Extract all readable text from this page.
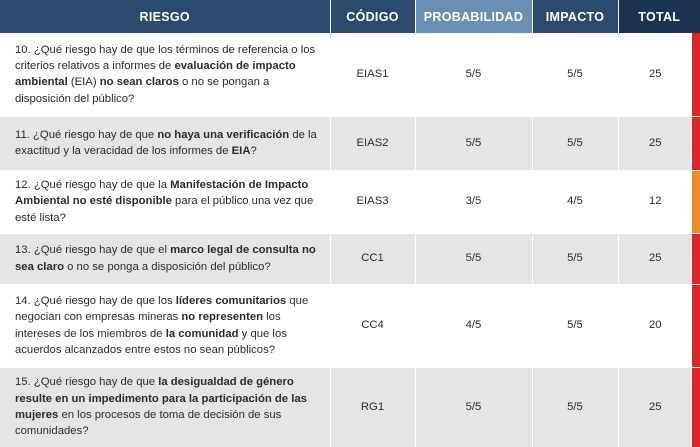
RIESGO	CÓDIGO	PROBABILIDAD	IMPACTO	TOTAL
10. ¿Qué riesgo hay de que los términos de referencia o los criterios relativos a informes de evaluación de impacto ambiental (EIA) no sean claros o no se pongan a disposición del público?	EIAS1	5/5	5/5	25

11. ¿Qué riesgo hay de que no haya una verificación de la exactitud y la veracidad de los informes de EIA?	EIAS2	5/5	5/5	25

12. ¿Qué riesgo hay de que la Manifestación de Impacto Ambiental no esté disponible para el público una vez que esté lista?	EIAS3	3/5	4/5	12

13. ¿Qué riesgo hay de que el marco legal de consulta no sea claro o no se ponga a disposición del público?	CC1	5/5	5/5	25

14. ¿Qué riesgo hay de que los líderes comunitarios que negocian con empresas mineras no representen los intereses de los miembros de la comunidad y que los acuerdos alcanzados entre estos no sean públicos?	CC4	4/5	5/5	20

15. ¿Qué riesgo hay de que la desigualdad de género resulte en un impedimento para la participación de las mujeres en los procesos de toma de decisión de sus comunidades?	RG1	5/5	5/5	25
